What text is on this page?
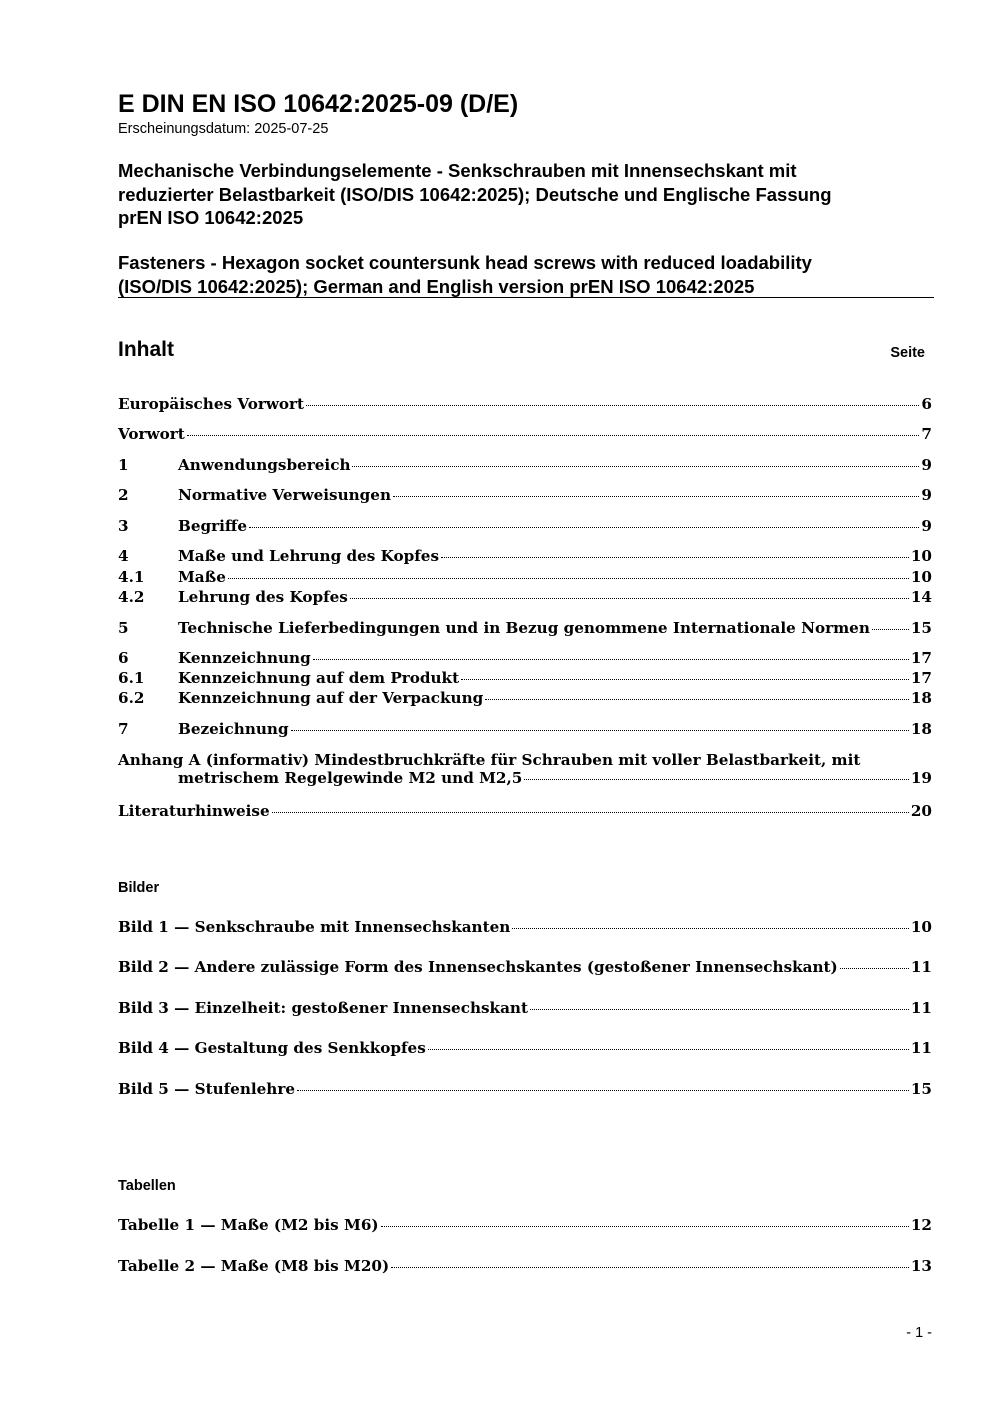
E DIN EN ISO 10642:2025-09 (D/E)
Erscheinungsdatum: 2025-07-25
Mechanische Verbindungselemente - Senkschrauben mit Innensechskant mit
reduzierter Belastbarkeit (ISO/DIS 10642:2025); Deutsche und Englische Fassung
prEN ISO 10642:2025
Fasteners - Hexagon socket countersunk head screws with reduced loadability
(ISO/DIS 10642:2025); German and English version prEN ISO 10642:2025
Inhalt	Seite
Europäisches Vorwort	6
Vorwort	7
1	Anwendungsbereich	9
2	Normative Verweisungen	9
3	Begriffe	9
4	Maße und Lehrung des Kopfes	10
4.1	Maße	10
4.2	Lehrung des Kopfes	14
5	Technische Lieferbedingungen und in Bezug genommene Internationale Normen	15
6	Kennzeichnung	17
6.1	Kennzeichnung auf dem Produkt	17
6.2	Kennzeichnung auf der Verpackung	18
7	Bezeichnung	18
Anhang A (informativ) Mindestbruchkräfte für Schrauben mit voller Belastbarkeit, mit
metrischem Regelgewinde M2 und M2,5	19
Literaturhinweise	20
Bilder
Bild 1 — Senkschraube mit Innensechskanten	10
Bild 2 — Andere zulässige Form des Innensechskantes (gestoßener Innensechskant)	11
Bild 3 — Einzelheit: gestoßener Innensechskant	11
Bild 4 — Gestaltung des Senkkopfes	11
Bild 5 — Stufenlehre	15
Tabellen
Tabelle 1 — Maße (M2 bis M6)	12
Tabelle 2 — Maße (M8 bis M20)	13
- 1 -
